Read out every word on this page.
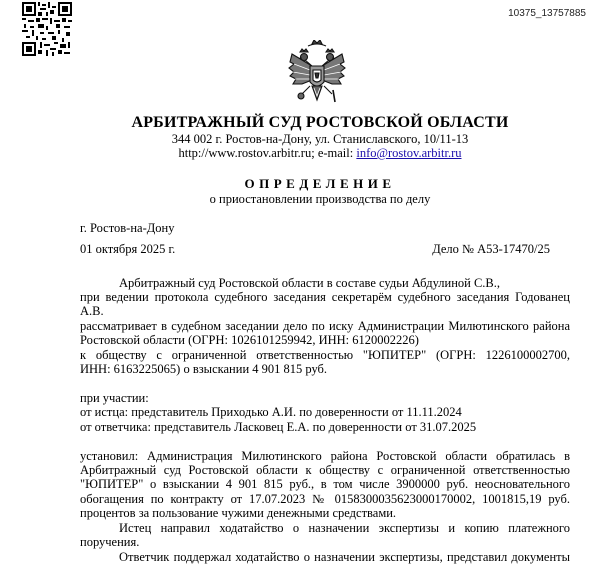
10375_13757885
АРБИТРАЖНЫЙ СУД РОСТОВСКОЙ ОБЛАСТИ
344 002 г. Ростов-на-Дону, ул. Станиславского, 10/11-13
http://www.rostov.arbitr.ru; e-mail: info@rostov.arbitr.ru
ОПРЕДЕЛЕНИЕ
о приостановлении производства по делу
г. Ростов-на-Дону
01 октября 2025 г.	Дело № А53-17470/25
Арбитражный суд Ростовской области в составе судьи Абдулиной С.В.,
при ведении протокола судебного заседания секретарём судебного заседания Годованец
А.В.
рассматривает в судебном заседании дело по иску Администрации Милютинского района
Ростовской области (ОГРН: 1026101259942, ИНН: 6120002226)
к обществу с ограниченной ответственностью "ЮПИТЕР" (ОГРН: 1226100002700,
ИНН: 6163225065) о взыскании 4 901 815 руб.
при участии:
от истца: представитель Приходько А.И. по доверенности от 11.11.2024
от ответчика: представитель Ласковец Е.А. по доверенности от 31.07.2025
установил: Администрация Милютинского района Ростовской области обратилась в
Арбитражный суд Ростовской области к обществу с ограниченной ответственностью
"ЮПИТЕР" о взыскании 4 901 815 руб., в том числе 3900000 руб. неосновательного
обогащения по контракту от 17.07.2023 № 0158300035623000170002, 1001815,19 руб.
процентов за пользование чужими денежными средствами.
Истец направил ходатайство о назначении экспертизы и копию платежного
поручения.
Ответчик поддержал ходатайство о назначении экспертизы, представил документы
